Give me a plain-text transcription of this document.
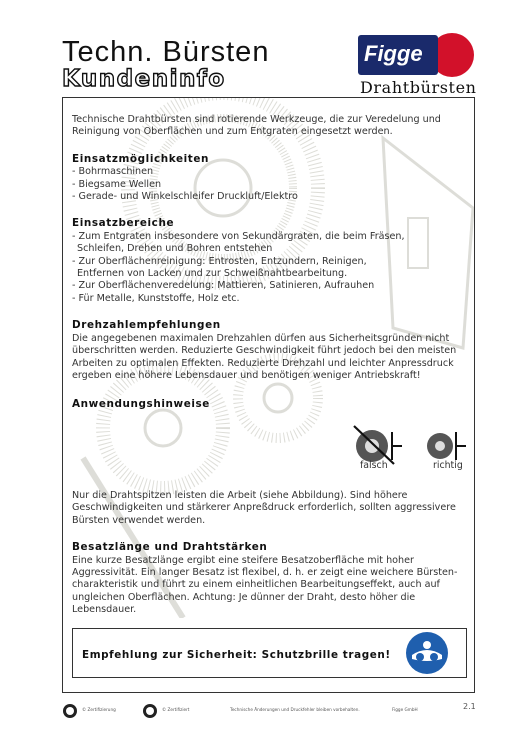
Techn. Bürsten
Kundeninfo
Figge
Drahtbürsten
Technische Drahtbürsten sind rotierende Werkzeuge, die zur Veredelung und Reinigung von Oberflächen und zum Entgraten eingesetzt werden.
Einsatzmöglichkeiten
- Bohrmaschinen
- Biegsame Wellen
- Gerade- und Winkelschleifer Druckluft/Elektro
Einsatzbereiche
- Zum Entgraten insbesondere von Sekundärgraten, die beim Fräsen,
Schleifen, Drehen und Bohren entstehen
- Zur Oberflächenreinigung: Entrosten, Entzundern, Reinigen,
Entfernen von Lacken und zur Schweißnahtbearbeitung.
- Zur Oberflächenveredelung: Mattieren, Satinieren, Aufrauhen
- Für Metalle, Kunststoffe, Holz etc.
Drehzahlempfehlungen
Die angegebenen maximalen Drehzahlen dürfen aus Sicherheitsgründen nicht überschritten werden. Reduzierte Geschwindigkeit führt jedoch bei den meisten Arbeiten zu optimalen Effekten. Reduzierte Drehzahl und leichter Anpressdruck ergeben eine höhere Lebensdauer und benötigen weniger Antriebskraft!
Anwendungshinweise
falsch	richtig
Nur die Drahtspitzen leisten die Arbeit (siehe Abbildung). Sind höhere Geschwindigkeiten und stärkerer Anpreßdruck erforderlich, sollten aggressivere Bürsten verwendet werden.
Besatzlänge und Drahtstärken
Eine kurze Besatzlänge ergibt eine steifere Besatzoberfläche mit hoher Aggressivität. Ein langer Besatz ist flexibel, d. h. er zeigt eine weichere Bürsten-charakteristik und führt zu einem einheitlichen Bearbeitungseffekt, auch auf ungleichen Oberflächen. Achtung: Je dünner der Draht, desto höher die Lebensdauer.
Empfehlung zur Sicherheit: Schutzbrille tragen!
© Zertifizierung	© Zertifiziert	Technische Änderungen und Druckfehler bleiben vorbehalten.	Figge GmbH	2.1
